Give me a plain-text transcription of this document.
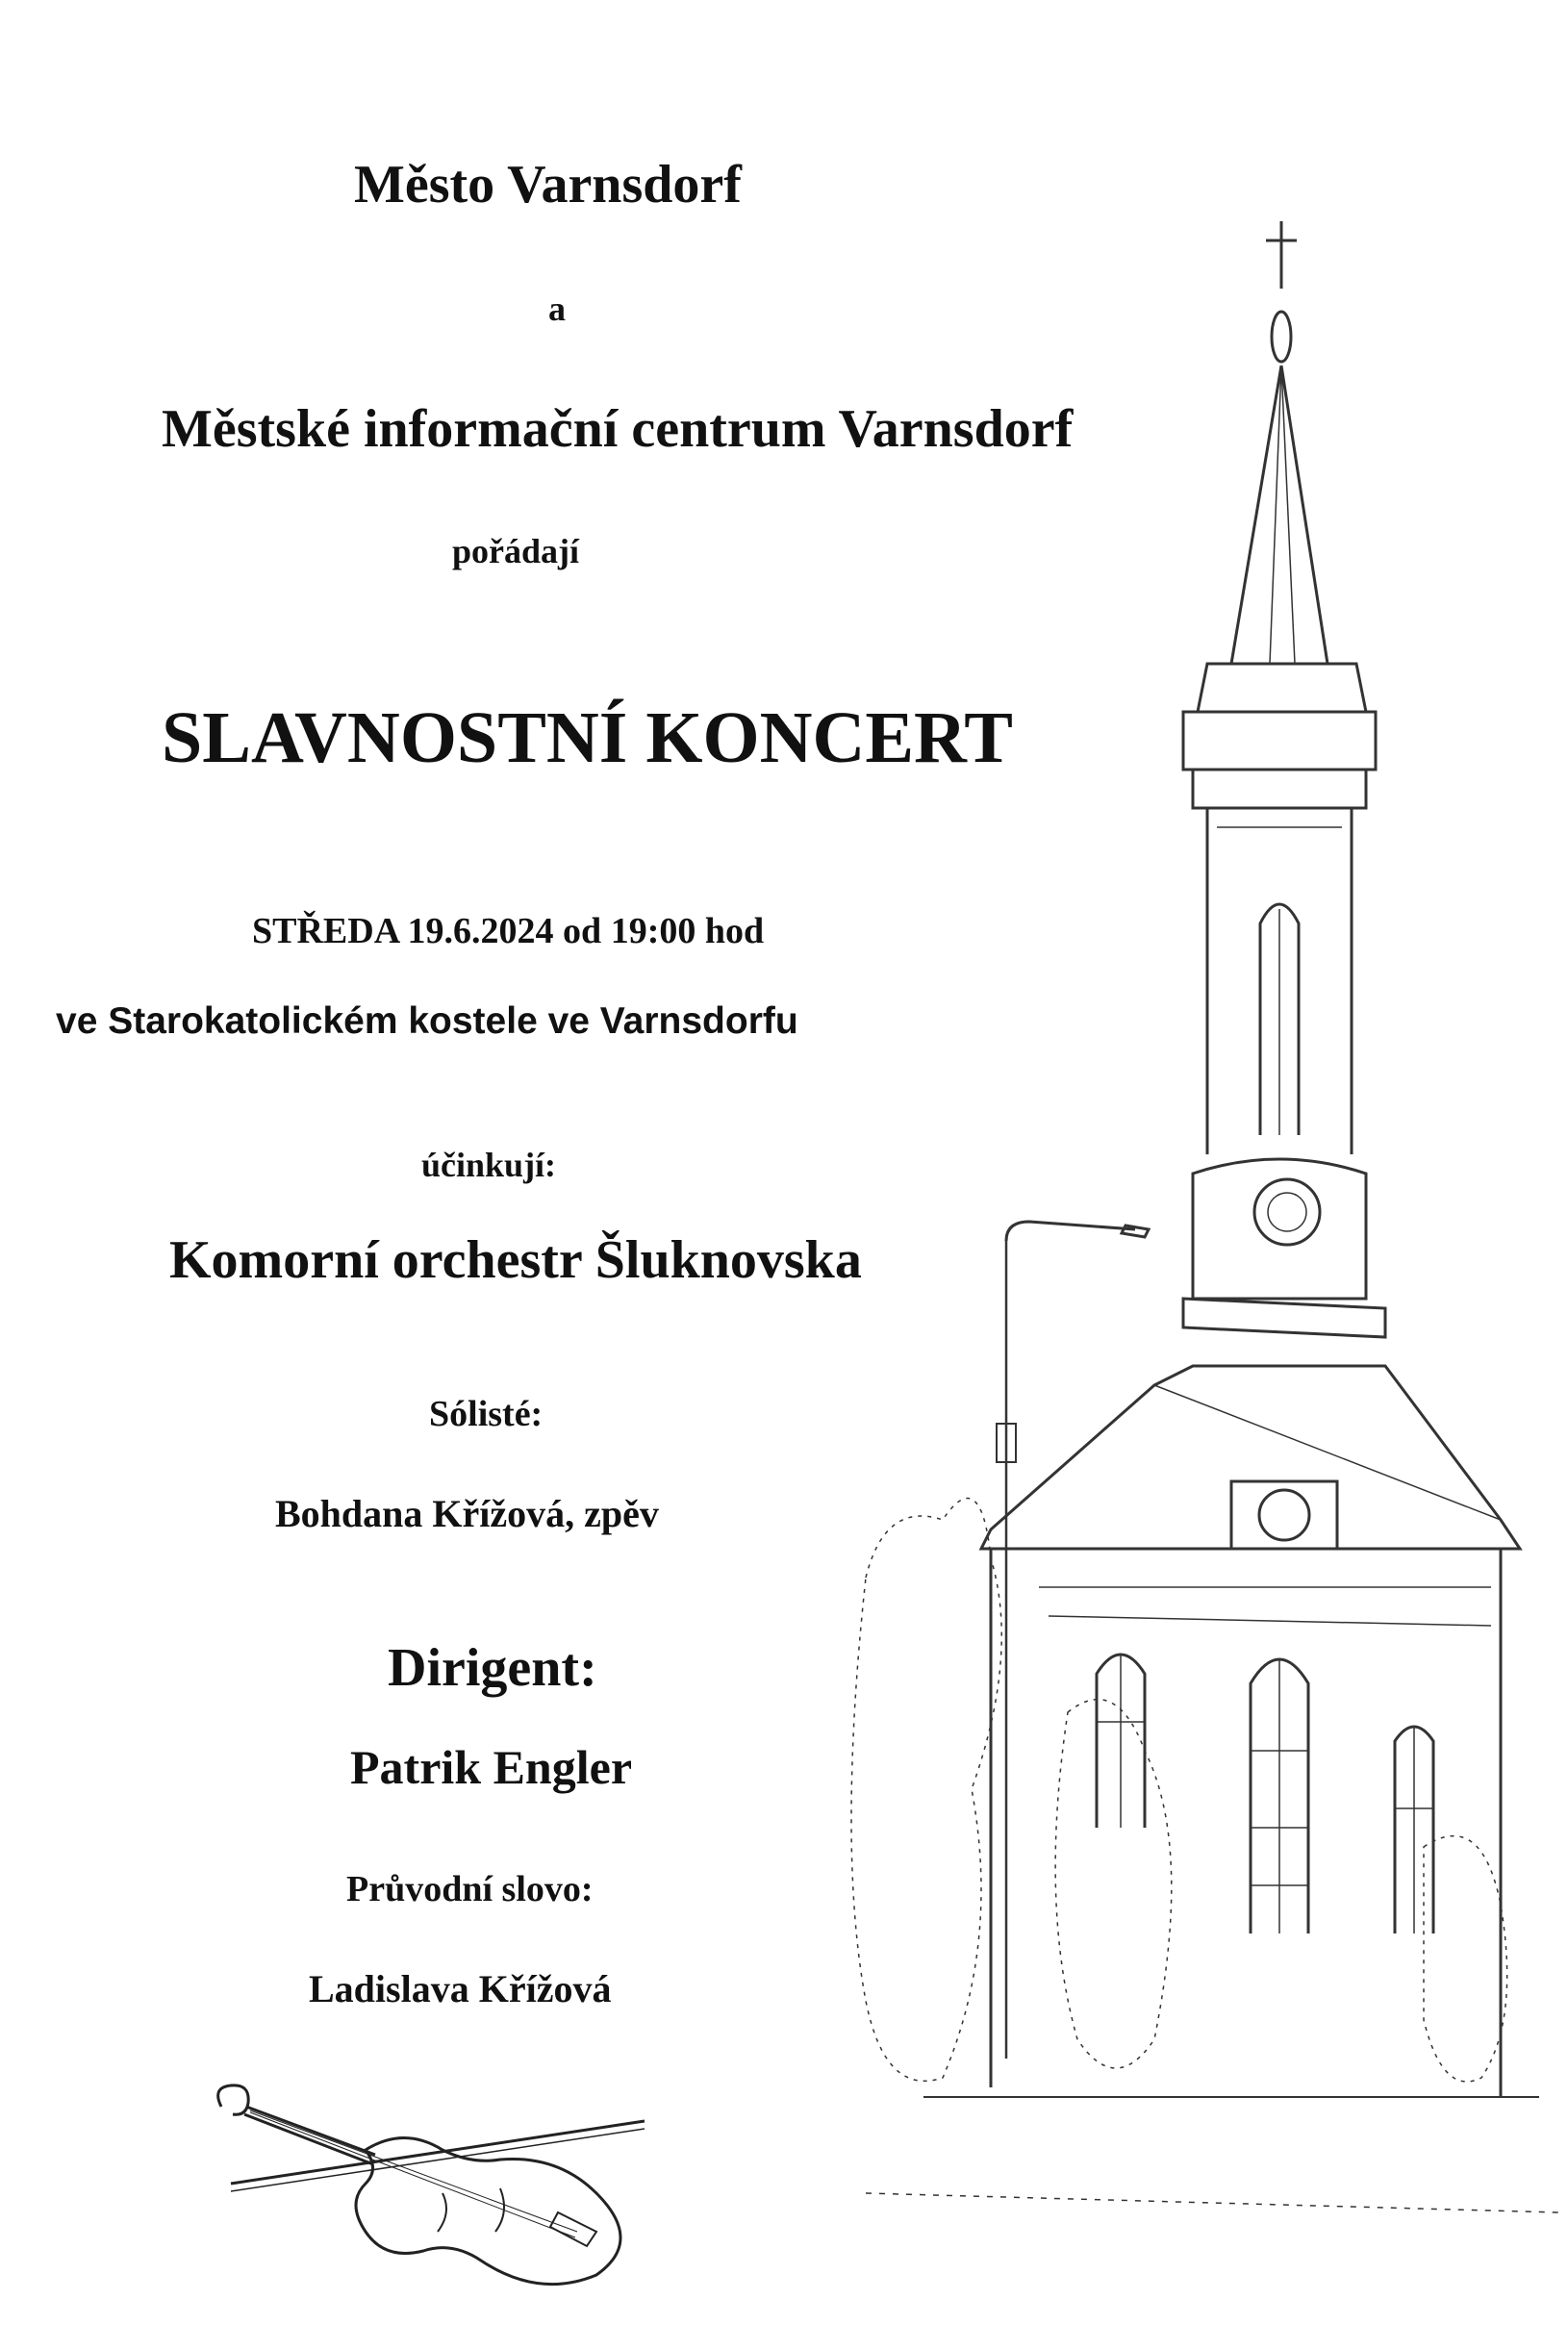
Město Varnsdorf
a
Městské informační centrum Varnsdorf
pořádají
SLAVNOSTNÍ KONCERT
STŘEDA 19.6.2024 od 19:00 hod
ve Starokatolickém kostele ve Varnsdorfu
účinkují:
Komorní orchestr Šluknovska
Sólisté:
Bohdana Křížová, zpěv
Dirigent:
Patrik Engler
Průvodní slovo:
Ladislava Křížová
